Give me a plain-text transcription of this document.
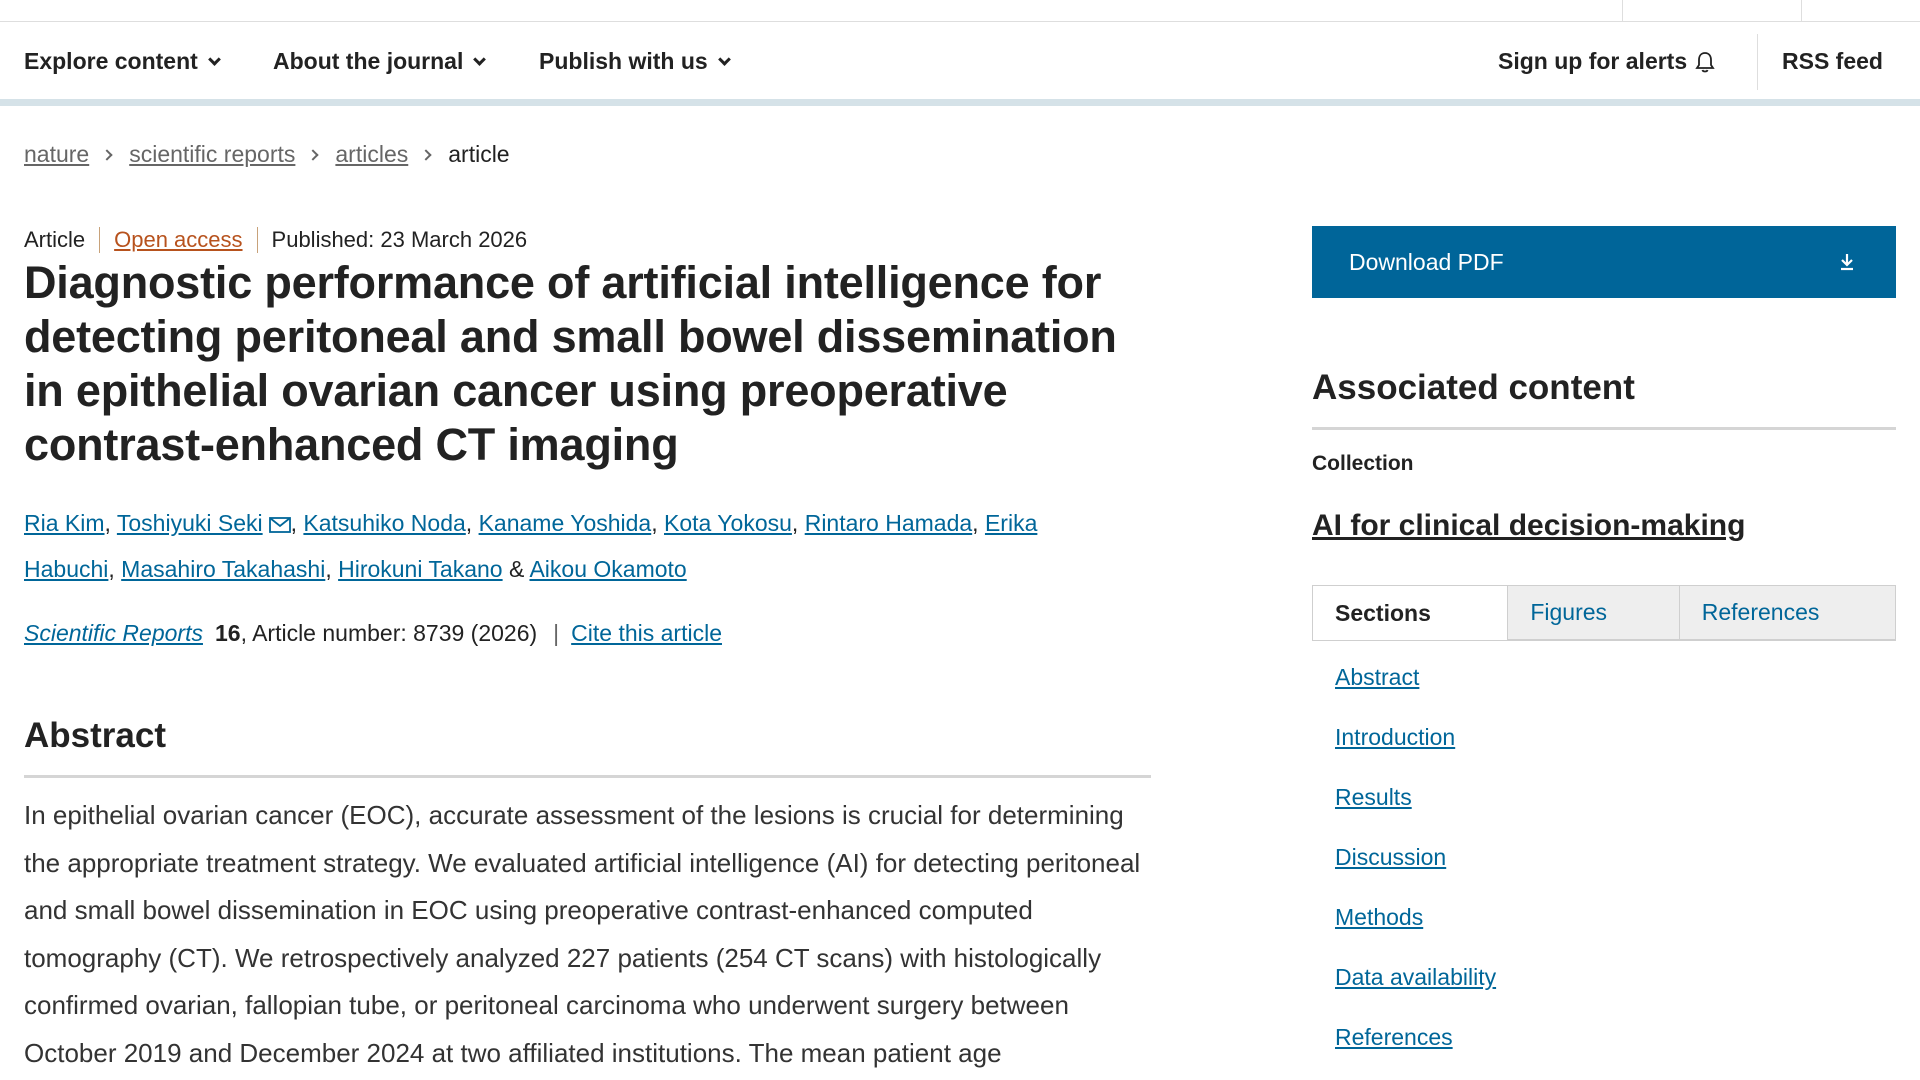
Explore content	About the journal	Publish with us	Sign up for alerts	RSS feed
nature scientific reports articles article
Article Open access Published: 23 March 2026
Diagnostic performance of artificial intelligence for detecting peritoneal and small bowel dissemination in epithelial ovarian cancer using preoperative contrast-enhanced CT imaging
Ria Kim, Toshiyuki Seki , Katsuhiko Noda, Kaname Yoshida, Kota Yokosu, Rintaro Hamada, Erika Habuchi, Masahiro Takahashi, Hirokuni Takano & Aikou Okamoto
Scientific Reports 16 , Article number: 8739 (2026) | Cite this article
Abstract

In epithelial ovarian cancer (EOC), accurate assessment of the lesions is crucial for determining the appropriate treatment strategy. We evaluated artificial intelligence (AI) for detecting peritoneal and small bowel dissemination in EOC using preoperative contrast-enhanced computed tomography (CT). We retrospectively analyzed 227 patients (254 CT scans) with histologically confirmed ovarian, fallopian tube, or peritoneal carcinoma who underwent surgery between October 2019 and December 2024 at two affiliated institutions. The mean patient age

Download PDF
Associated content
Collection
AI for clinical decision-making
Sections	Figures	References
Abstract
Introduction
Results
Discussion
Methods
Data availability
References
